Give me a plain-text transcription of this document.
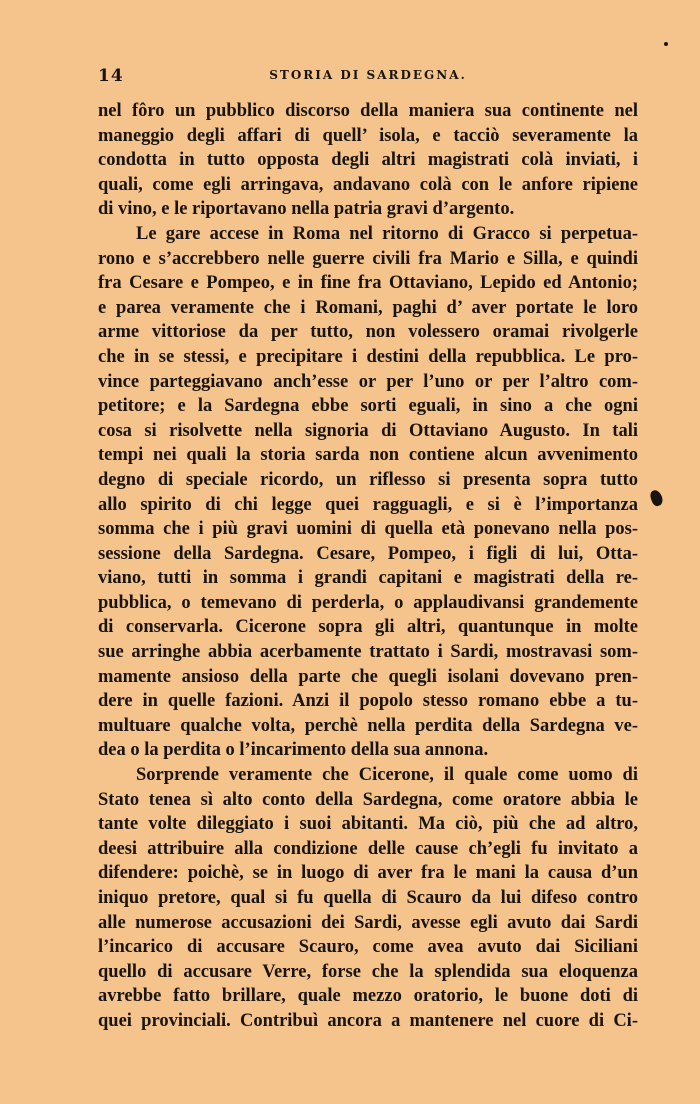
14	STORIA DI SARDEGNA.
nel fôro un pubblico discorso della maniera sua continente nel
maneggio degli affari di quell’ isola, e tacciò severamente la
condotta in tutto opposta degli altri magistrati colà inviati, i
quali, come egli arringava, andavano colà con le anfore ripiene
di vino, e le riportavano nella patria gravi d’argento.
Le gare accese in Roma nel ritorno di Gracco si perpetua-
rono e s’accrebbero nelle guerre civili fra Mario e Silla, e quindi
fra Cesare e Pompeo, e in fine fra Ottaviano, Lepido ed Antonio;
e parea veramente che i Romani, paghi d’ aver portate le loro
arme vittoriose da per tutto, non volessero oramai rivolgerle
che in se stessi, e precipitare i destini della repubblica. Le pro-
vince parteggiavano anch’esse or per l’uno or per l’altro com-
petitore; e la Sardegna ebbe sorti eguali, in sino a che ogni
cosa si risolvette nella signoria di Ottaviano Augusto. In tali
tempi nei quali la storia sarda non contiene alcun avvenimento
degno di speciale ricordo, un riflesso si presenta sopra tutto
allo spirito di chi legge quei ragguagli, e si è l’importanza
somma che i più gravi uomini di quella età ponevano nella pos-
sessione della Sardegna. Cesare, Pompeo, i figli di lui, Otta-
viano, tutti in somma i grandi capitani e magistrati della re-
pubblica, o temevano di perderla, o applaudivansi grandemente
di conservarla. Cicerone sopra gli altri, quantunque in molte
sue arringhe abbia acerbamente trattato i Sardi, mostravasi som-
mamente ansioso della parte che quegli isolani dovevano pren-
dere in quelle fazioni. Anzi il popolo stesso romano ebbe a tu-
multuare qualche volta, perchè nella perdita della Sardegna ve-
dea o la perdita o l’incarimento della sua annona.
Sorprende veramente che Cicerone, il quale come uomo di
Stato tenea sì alto conto della Sardegna, come oratore abbia le
tante volte dileggiato i suoi abitanti. Ma ciò, più che ad altro,
deesi attribuire alla condizione delle cause ch’egli fu invitato a
difendere: poichè, se in luogo di aver fra le mani la causa d’un
iniquo pretore, qual si fu quella di Scauro da lui difeso contro
alle numerose accusazioni dei Sardi, avesse egli avuto dai Sardi
l’incarico di accusare Scauro, come avea avuto dai Siciliani
quello di accusare Verre, forse che la splendida sua eloquenza
avrebbe fatto brillare, quale mezzo oratorio, le buone doti di
quei provinciali. Contribuì ancora a mantenere nel cuore di Ci-
